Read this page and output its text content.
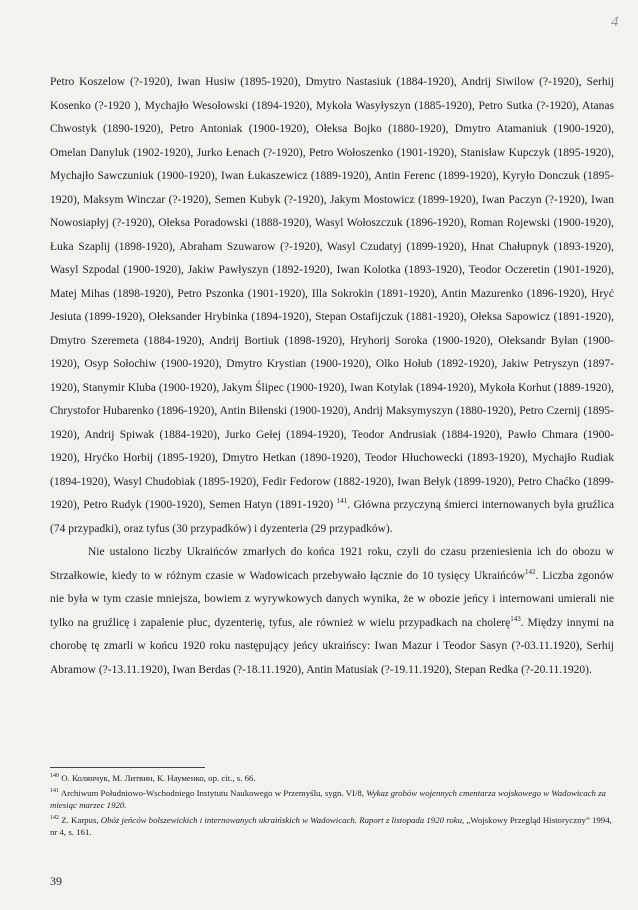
4

Petro Koszelow (?-1920), Iwan Husiw (1895-1920), Dmytro Nastasiuk (1884-1920), Andrij Siwilow (?-1920), Serhij Kosenko (?-1920 ), Mychajło Wesołowski (1894-1920), Mykoła Wasyłyszyn (1885-1920), Petro Sutka (?-1920), Atanas Chwostyk (1890-1920), Petro Antoniak (1900-1920), Ołeksa Bojko (1880-1920), Dmytro Atamaniuk (1900-1920), Omelan Danyluk (1902-1920), Jurko Łenach (?-1920), Petro Wołoszenko (1901-1920), Stanisław Kupczyk (1895-1920), Mychajło Sawczuniuk (1900-1920), Iwan Łukaszewicz (1889-1920), Antin Ferenc (1899-1920), Kyryło Donczuk (1895-1920), Maksym Winczar (?-1920), Semen Kubyk (?-1920), Jakym Mostowicz (1899-1920), Iwan Paczyn (?-1920), Iwan Nowosiapłyj (?-1920), Ołeksa Poradowski (1888-1920), Wasyl Wołoszczuk (1896-1920), Roman Rojewski (1900-1920), Łuka Szaplij (1898-1920), Abraham Szuwarow (?-1920), Wasyl Czudatyj (1899-1920), Hnat Chałupnyk (1893-1920), Wasyl Szpodal (1900-1920), Jakiw Pawłyszyn (1892-1920), Iwan Kolotka (1893-1920), Teodor Oczeretin (1901-1920), Matej Mihas (1898-1920), Petro Pszonka (1901-1920), Illa Sokrokin (1891-1920), Antin Mazurenko (1896-1920), Hryć Jesiuta (1899-1920), Ołeksander Hrybinka (1894-1920), Stepan Ostafijczuk (1881-1920), Ołeksa Sapowicz (1891-1920), Dmytro Szeremeta (1884-1920), Andrij Bortiuk (1898-1920), Hryhorij Soroka (1900-1920), Ołeksandr Byłan (1900-1920), Osyp Sołochiw (1900-1920), Dmytro Krystian (1900-1920), Olko Hołub (1892-1920), Jakiw Petryszyn (1897-1920), Stanymir Kluba (1900-1920), Jakym Ślipec (1900-1920), Iwan Kotylak (1894-1920), Mykoła Korhut (1889-1920), Chrystofor Hubarenko (1896-1920), Antin Biłenski (1900-1920), Andrij Maksymyszyn (1880-1920), Petro Czernij (1895-1920), Andrij Spiwak (1884-1920), Jurko Gełej (1894-1920), Teodor Andrusiak (1884-1920), Pawło Chmara (1900-1920), Hryćko Horbij (1895-1920), Dmytro Hetkan (1890-1920), Teodor Hłuchowecki (1893-1920), Mychajło Rudiak (1894-1920), Wasyl Chudobiak (1895-1920), Fedir Fedorow (1882-1920), Iwan Bełyk (1899-1920), Petro Chaćko (1899-1920), Petro Rudyk (1900-1920), Semen Hatyn (1891-1920) $^{141}$. Główna przyczyną śmierci internowanych była gruźlica (74 przypadki), oraz tyfus (30 przypadków) i dyzenteria (29 przypadków).

Nie ustalono liczby Ukraińców zmarłych do końca 1921 roku, czyli do czasu przeniesienia ich do obozu w Strzałkowie, kiedy to w różnym czasie w Wadowicach przebywało łącznie do 10 tysięcy Ukraińców$^{142}$. Liczba zgonów nie była w tym czasie mniejsza, bowiem z wyrywkowych danych wynika, że w obozie jeńcy i internowani umierali nie tylko na gruźlicę i zapalenie płuc, dyzenterię, tyfus, ale również w wielu przypadkach na cholerę$^{143}$. Między innymi na chorobę tę zmarli w końcu 1920 roku następujący jeńcy ukraińscy: Iwan Mazur i Teodor Sasyn (?-03.11.1920), Serhij Abramow (?-13.11.1920), Iwan Berdas (?-18.11.1920), Antin Matusiak (?-19.11.1920), Stepan Redka (?-20.11.1920).

$^{140}$ О. Колянчук, М. Литвин, К. Науменко, op. cit., s. 66.

$^{141}$ Archiwum Południowo-Wschodniego Instytutu Naukowego w Przemyślu, sygn. VI/8, Wykaz grobów wojennych cmentarza wojskowego w Wadowicach za miesiąc marzec 1920.

$^{142}$ Z. Karpus, Obóz jeńców bolszewickich i internowanych ukraińskich w Wadowicach. Raport z listopada 1920 roku, „Wojskowy Przegląd Historyczny” 1994, nr 4, s. 161.

39
